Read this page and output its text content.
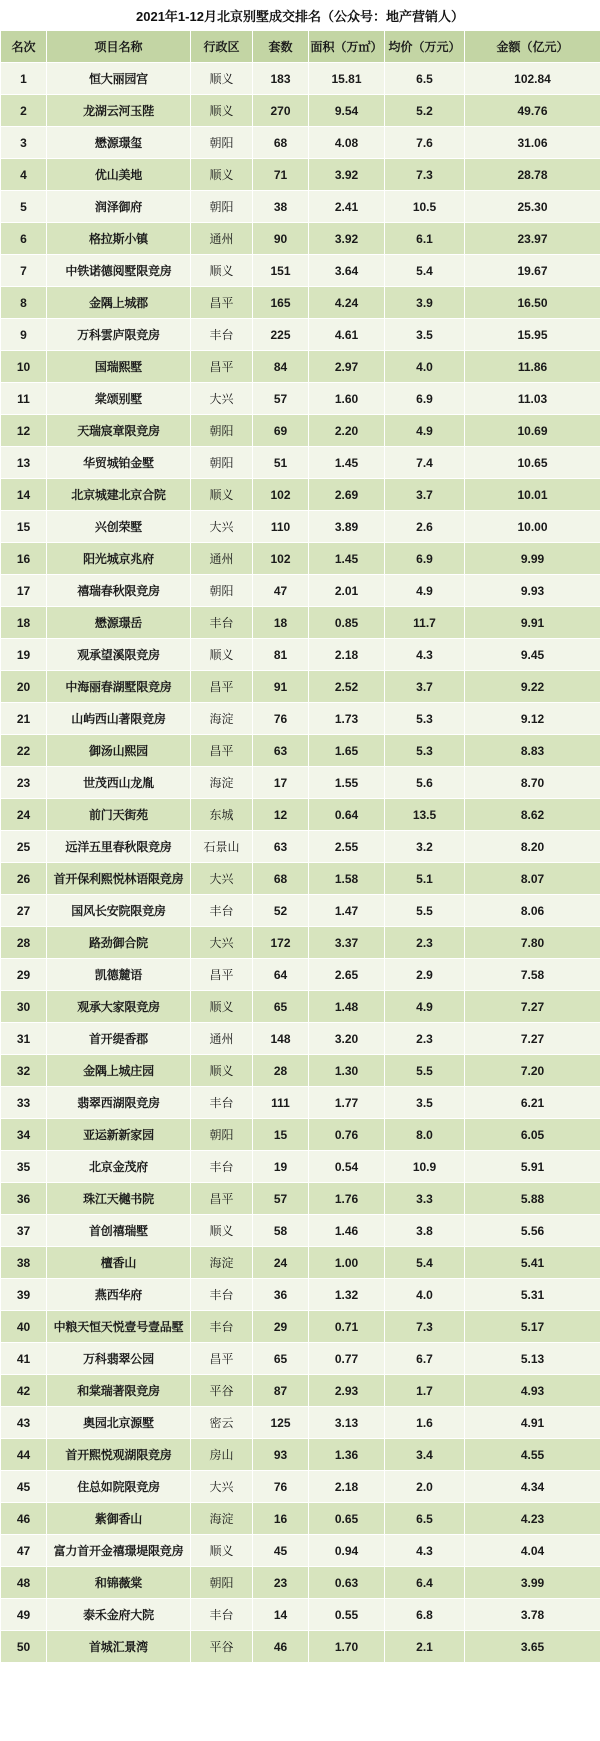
2021年1-12月北京别墅成交排名（公众号：地产营销人）
名次	项目名称	行政区	套数	面积（万㎡）	均价（万元）	金额（亿元）
1	恒大丽园宫	顺义	183	15.81	6.5	102.84
2	龙湖云河玉陛	顺义	270	9.54	5.2	49.76
3	懋源璟玺	朝阳	68	4.08	7.6	31.06
4	优山美地	顺义	71	3.92	7.3	28.78
5	润泽御府	朝阳	38	2.41	10.5	25.30
6	格拉斯小镇	通州	90	3.92	6.1	23.97
7	中铁诺德阅墅限竞房	顺义	151	3.64	5.4	19.67
8	金隅上城郡	昌平	165	4.24	3.9	16.50
9	万科雲庐限竞房	丰台	225	4.61	3.5	15.95
10	国瑞熙墅	昌平	84	2.97	4.0	11.86
11	棠颂别墅	大兴	57	1.60	6.9	11.03
12	天瑞宸章限竞房	朝阳	69	2.20	4.9	10.69
13	华贸城铂金墅	朝阳	51	1.45	7.4	10.65
14	北京城建北京合院	顺义	102	2.69	3.7	10.01
15	兴创荣墅	大兴	110	3.89	2.6	10.00
16	阳光城京兆府	通州	102	1.45	6.9	9.99
17	禧瑞春秋限竞房	朝阳	47	2.01	4.9	9.93
18	懋源璟岳	丰台	18	0.85	11.7	9.91
19	观承望溪限竞房	顺义	81	2.18	4.3	9.45
20	中海丽春湖墅限竞房	昌平	91	2.52	3.7	9.22
21	山屿西山著限竞房	海淀	76	1.73	5.3	9.12
22	御汤山熙园	昌平	63	1.65	5.3	8.83
23	世茂西山龙胤	海淀	17	1.55	5.6	8.70
24	前门天街苑	东城	12	0.64	13.5	8.62
25	远洋五里春秋限竞房	石景山	63	2.55	3.2	8.20
26	首开保利熙悦林语限竞房	大兴	68	1.58	5.1	8.07
27	国风长安院限竞房	丰台	52	1.47	5.5	8.06
28	路劲御合院	大兴	172	3.37	2.3	7.80
29	凯德麓语	昌平	64	2.65	2.9	7.58
30	观承大家限竞房	顺义	65	1.48	4.9	7.27
31	首开缇香郡	通州	148	3.20	2.3	7.27
32	金隅上城庄园	顺义	28	1.30	5.5	7.20
33	翡翠西湖限竞房	丰台	111	1.77	3.5	6.21
34	亚运新新家园	朝阳	15	0.76	8.0	6.05
35	北京金茂府	丰台	19	0.54	10.9	5.91
36	珠江天樾书院	昌平	57	1.76	3.3	5.88
37	首创禧瑞墅	顺义	58	1.46	3.8	5.56
38	檀香山	海淀	24	1.00	5.4	5.41
39	燕西华府	丰台	36	1.32	4.0	5.31
40	中粮天恒天悦壹号壹品墅	丰台	29	0.71	7.3	5.17
41	万科翡翠公园	昌平	65	0.77	6.7	5.13
42	和棠瑞著限竞房	平谷	87	2.93	1.7	4.93
43	奥园北京源墅	密云	125	3.13	1.6	4.91
44	首开熙悦观湖限竞房	房山	93	1.36	3.4	4.55
45	住总如院限竞房	大兴	76	2.18	2.0	4.34
46	紫御香山	海淀	16	0.65	6.5	4.23
47	富力首开金禧璟堤限竞房	顺义	45	0.94	4.3	4.04
48	和锦薇棠	朝阳	23	0.63	6.4	3.99
49	泰禾金府大院	丰台	14	0.55	6.8	3.78
50	首城汇景湾	平谷	46	1.70	2.1	3.65
